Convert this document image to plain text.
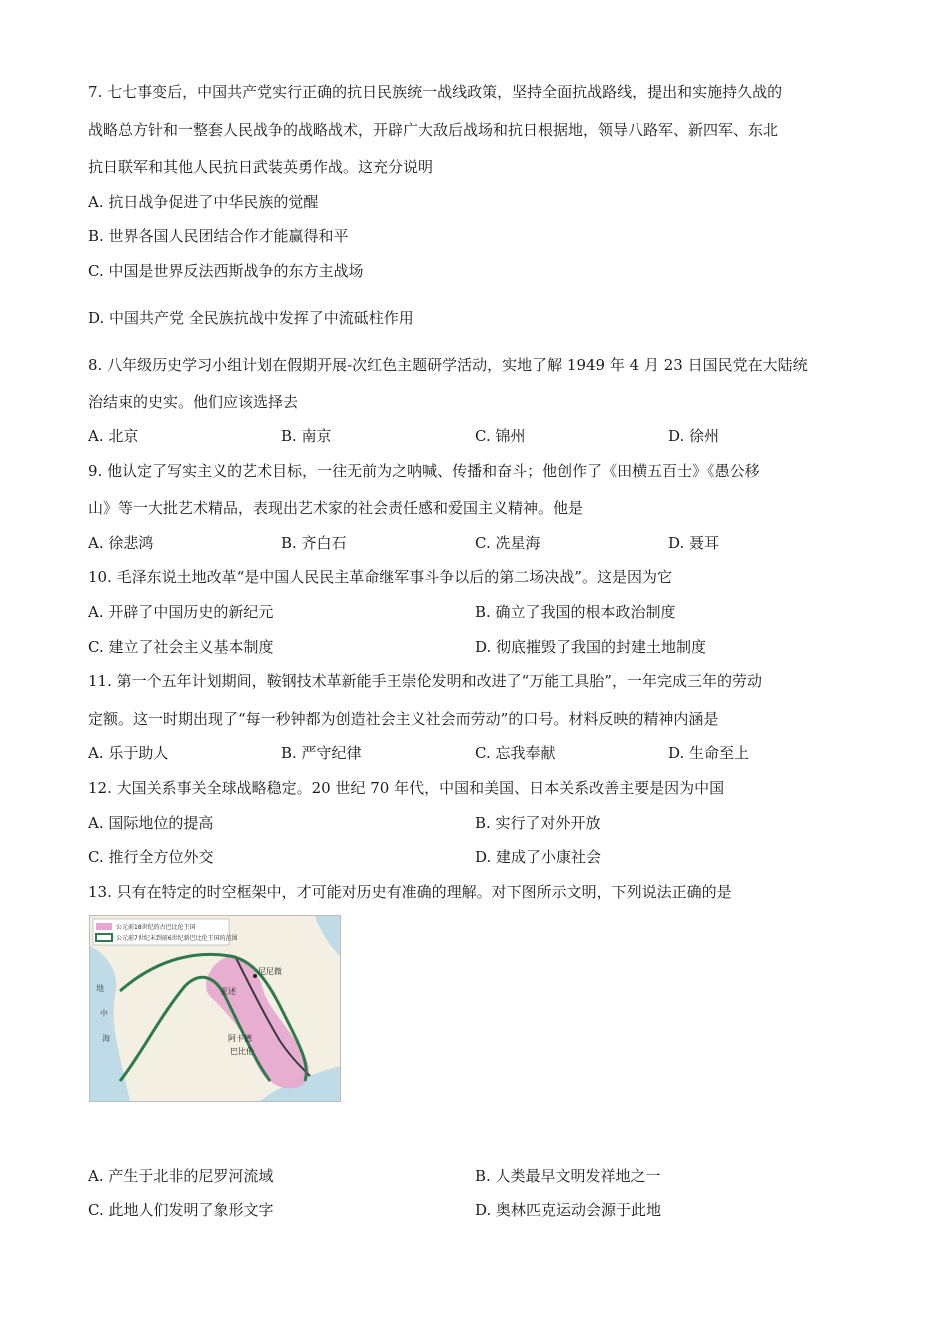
7. 七七事变后，中国共产党实行正确的抗日民族统一战线政策，坚持全面抗战路线，提出和实施持久战的
战略总方针和一整套人民战争的战略战术，开辟广大敌后战场和抗日根据地，领导八路军、新四军、东北
抗日联军和其他人民抗日武装英勇作战。这充分说明
A. 抗日战争促进了中华民族的觉醒
B. 世界各国人民团结合作才能赢得和平
C. 中国是世界反法西斯战争的东方主战场
D. 中国共产党 全民族抗战中发挥了中流砥柱作用
8. 八年级历史学习小组计划在假期开展-次红色主题研学活动，实地了解 1949 年 4 月 23 日国民党在大陆统
治结束的史实。他们应该选择去
A. 北京	B. 南京	C. 锦州	D. 徐州
9. 他认定了写实主义的艺术目标，一往无前为之呐喊、传播和奋斗；他创作了《田横五百士》《愚公移
山》等一大批艺术精品，表现出艺术家的社会责任感和爱国主义精神。他是
A. 徐悲鸿	B. 齐白石	C. 冼星海	D. 聂耳
10. 毛泽东说土地改革“是中国人民民主革命继军事斗争以后的第二场决战”。这是因为它
A. 开辟了中国历史的新纪元	B. 确立了我国的根本政治制度
C. 建立了社会主义基本制度	D. 彻底摧毁了我国的封建土地制度
11. 第一个五年计划期间，鞍钢技术革新能手王崇伦发明和改进了“万能工具胎”，一年完成三年的劳动
定额。这一时期出现了“每一秒钟都为创造社会主义社会而劳动”的口号。材料反映的精神内涵是
A. 乐于助人	B. 严守纪律	C. 忘我奉献	D. 生命至上
12. 大国关系事关全球战略稳定。20 世纪 70 年代，中国和美国、日本关系改善主要是因为中国
A. 国际地位的提高	B. 实行了对外开放
C. 推行全方位外交	D. 建成了小康社会
13. 只有在特定的时空框架中，才可能对历史有准确的理解。对下图所示文明，下列说法正确的是
公元前18世纪的古巴比伦王国
公元前7世纪末到前6世纪新巴比伦王国的范围
尼尼微
亚述
阿卡德
巴比伦
地
中
海
A. 产生于北非的尼罗河流域	B. 人类最早文明发祥地之一
C. 此地人们发明了象形文字	D. 奥林匹克运动会源于此地
